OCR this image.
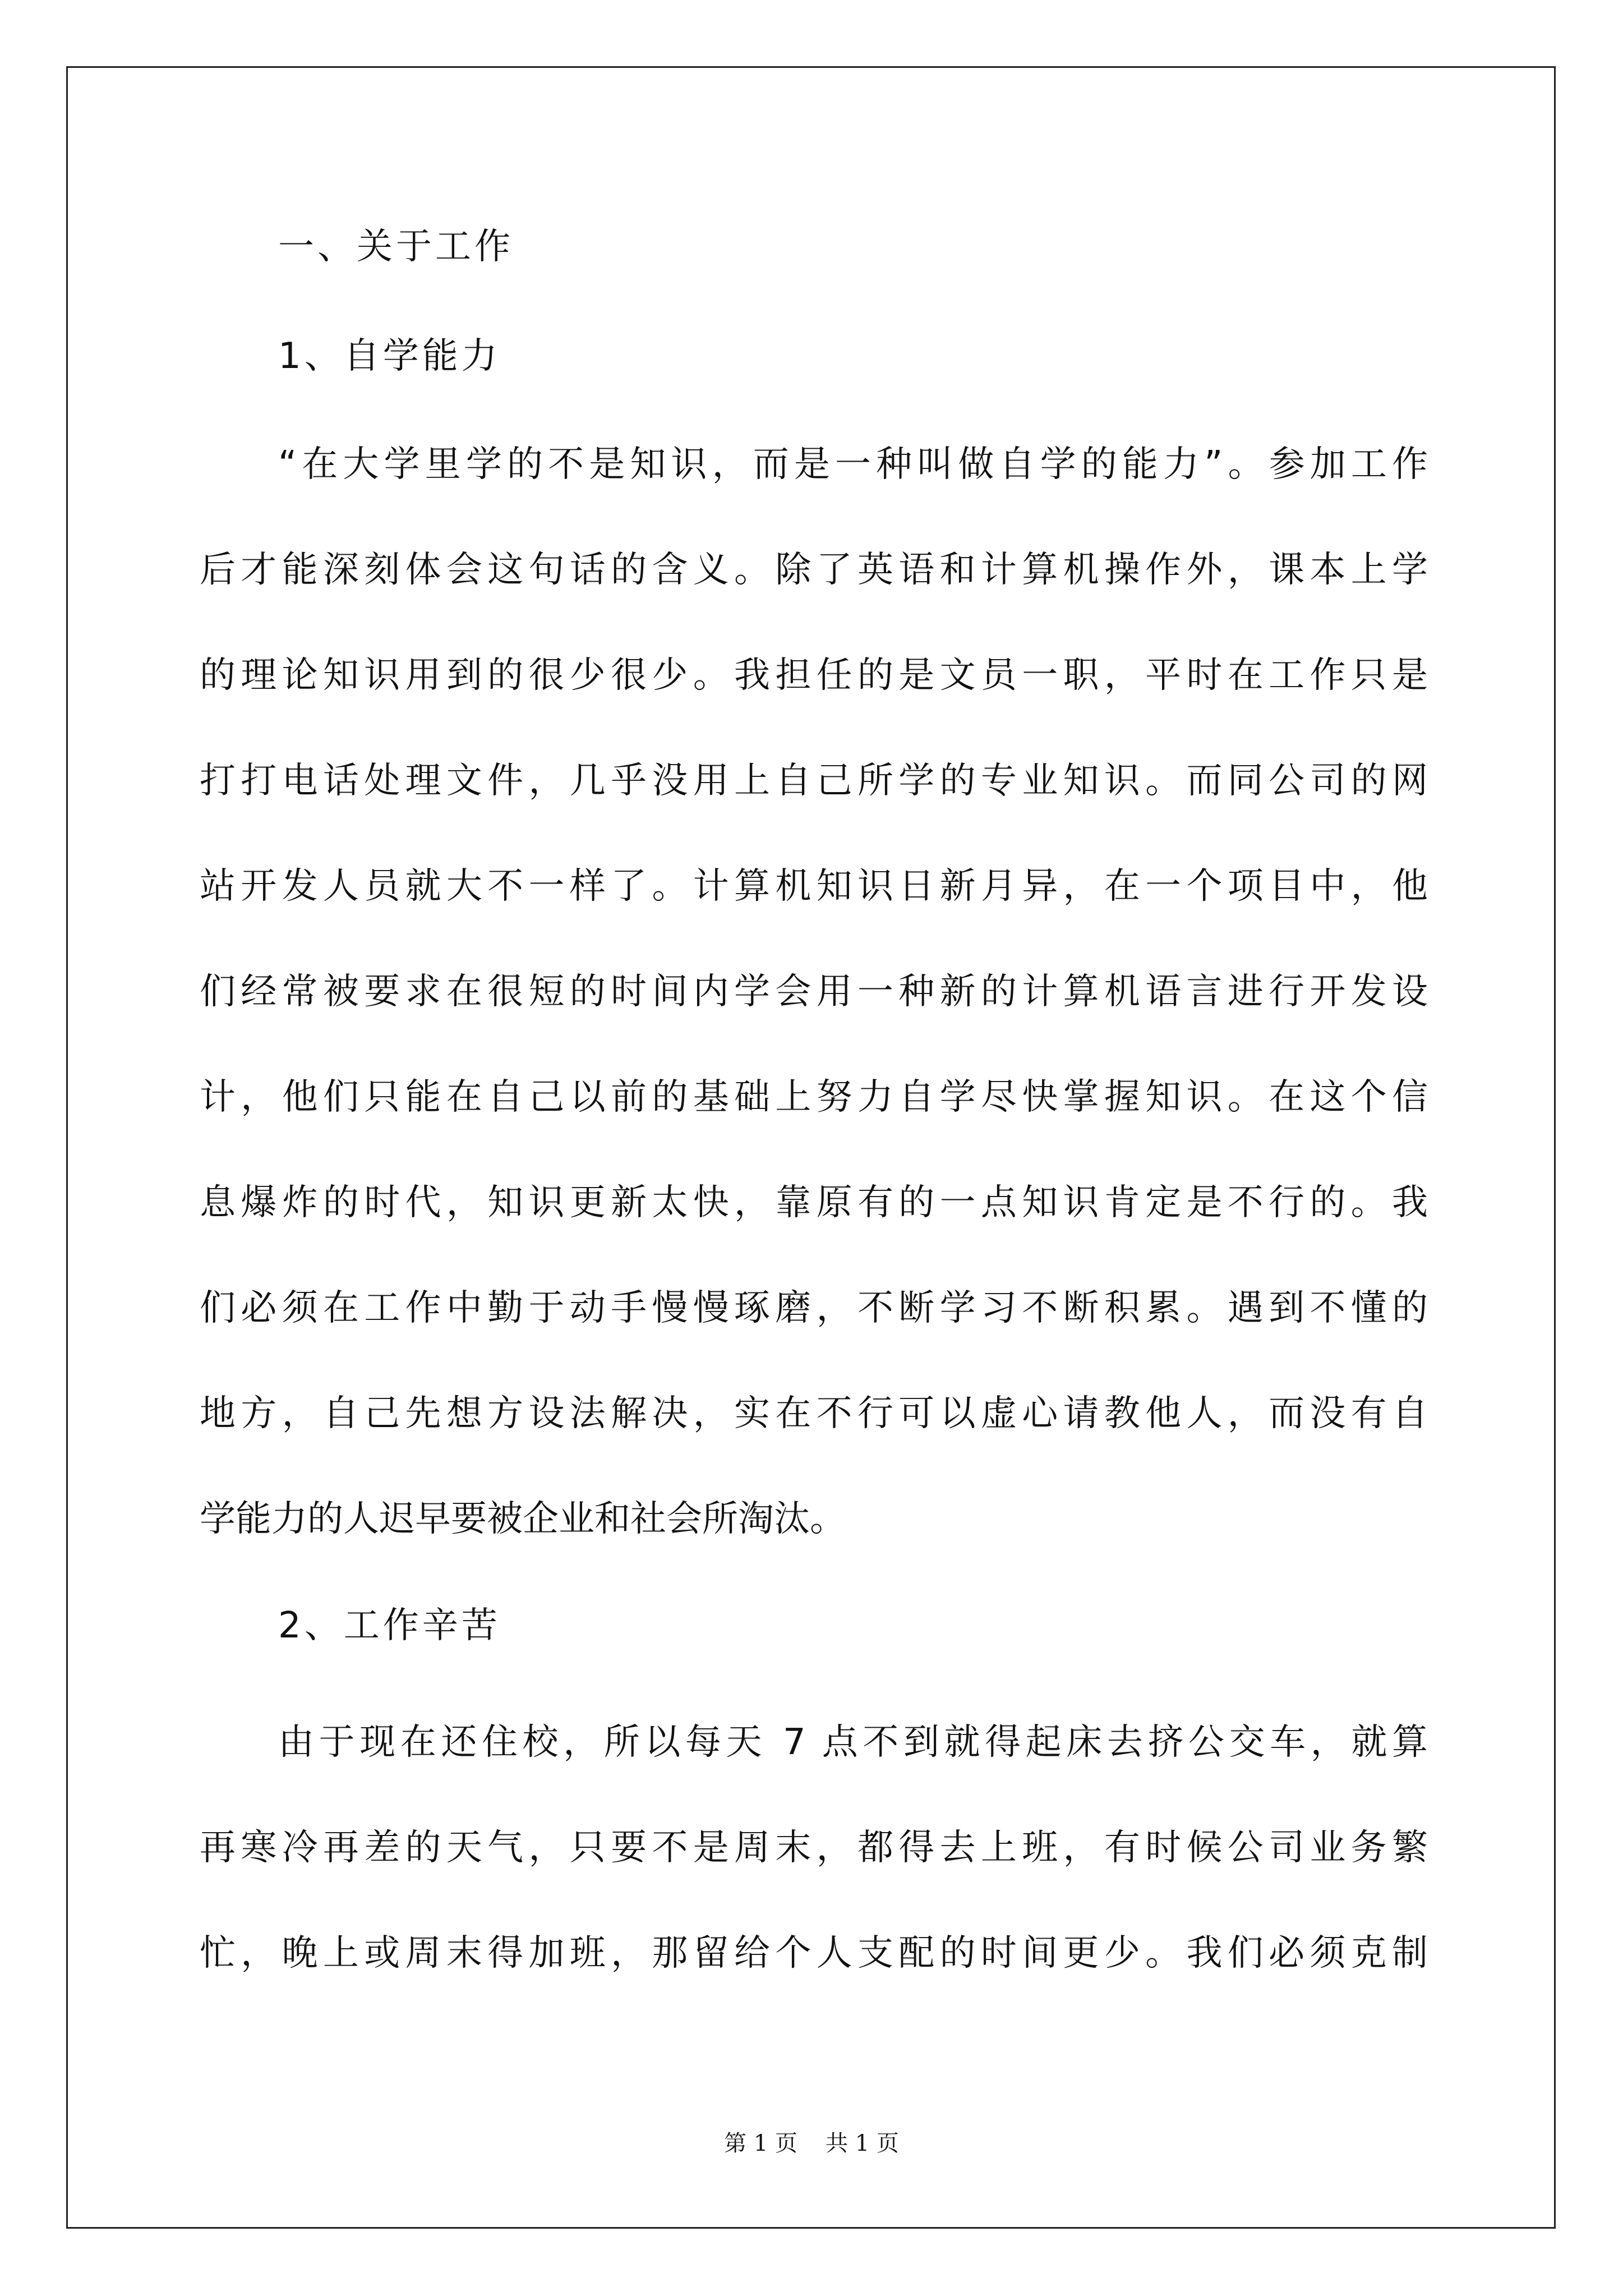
一、关于工作
1、自学能力
“在大学里学的不是知识，而是一种叫做自学的能力”。参加工作
后才能深刻体会这句话的含义。除了英语和计算机操作外，课本上学
的理论知识用到的很少很少。我担任的是文员一职，平时在工作只是
打打电话处理文件，几乎没用上自己所学的专业知识。而同公司的网
站开发人员就大不一样了。计算机知识日新月异，在一个项目中，他
们经常被要求在很短的时间内学会用一种新的计算机语言进行开发设
计，他们只能在自己以前的基础上努力自学尽快掌握知识。在这个信
息爆炸的时代，知识更新太快，靠原有的一点知识肯定是不行的。我
们必须在工作中勤于动手慢慢琢磨，不断学习不断积累。遇到不懂的
地方，自己先想方设法解决，实在不行可以虚心请教他人，而没有自
学能力的人迟早要被企业和社会所淘汰。
2、工作辛苦
由于现在还住校，所以每天 7 点不到就得起床去挤公交车，就算
再寒冷再差的天气，只要不是周末，都得去上班，有时候公司业务繁
忙，晚上或周末得加班，那留给个人支配的时间更少。我们必须克制
第 1 页 共 1 页
